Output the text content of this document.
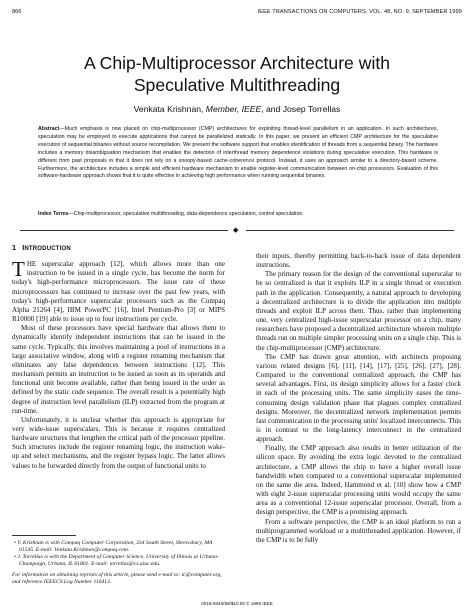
866	IEEE TRANSACTIONS ON COMPUTERS, VOL. 48, NO. 9, SEPTEMBER 1999
A Chip-Multiprocessor Architecture with
Speculative Multithreading
Venkata Krishnan, Member, IEEE, and Josep Torrellas
Abstract—Much emphasis is now placed on chip-multiprocessor (CMP) architectures for exploiting thread-level parallelism in an application. In such architectures, speculation may be employed to execute applications that cannot be parallelized statically. In this paper, we present an efficient CMP architecture for the speculative execution of sequential binaries without source recompilation. We present the software support that enables identification of threads from a sequential binary. The hardware includes a memory disambiguation mechanism that enables the detection of interthread memory dependence violations during speculative execution. This hardware is different from past proposals in that it does not rely on a snoopy-based cache-coherence protocol. Instead, it uses an approach similar to a directory-based scheme. Furthermore, the architecture includes a simple and efficient hardware mechanism to enable register-level communication between on-chip processors. Evaluation of this software-hardware approach shows that it is quite effective in achieving high performance when running sequential binaries.
Index Terms—Chip-multiprocessor, speculative multithreading, data-dependence speculation, control speculation.
◆
1 INTRODUCTION

THE superscalar approach [12], which allows more than one instruction to be issued in a single cycle, has become the norm for today's high-performance microprocessors. The issue rate of these microprocessors has continued to increase over the past few years, with today's high-performance superscalar processors such as the Compaq Alpha 21264 [4], IBM PowerPC [16], Intel Pentium-Pro [3] or MIPS R10000 [19] able to issue up to four instructions per cycle.

Most of these processors have special hardware that allows them to dynamically identify independent instructions that can be issued in the same cycle. Typically, this involves maintaining a pool of instructions in a large associative window, along with a register renaming mechanism that eliminates any false dependences between instructions [12]. This mechanism permits an instruction to be issued as soon as its operands and functional unit become available, rather than being issued in the order as defined by the static code sequence. The overall result is a potentially high degree of instruction level parallelism (ILP) extracted from the program at run-time.

Unfortunately, it is unclear whether this approach is appropriate for very wide-issue superscalars. This is because it requires centralized hardware structures that lengthen the critical path of the processor pipeline. Such structures include the register renaming logic, the instruction wake-up and select mechanisms, and the register bypass logic. The latter allows values to be forwarded directly from the output of functional units to

• V. Krishnan is with Compaq Computer Corporation, 334 South Street, Shrewsbury, MA 01545. E-mail: Venkata.Krishnan@compaq.com.

• J. Torrellas is with the Department of Computer Science, University of Illinois at Urbana-Champaign, Urbana, IL 61801. E-mail: torrellas@cs.uiuc.edu.

For information on obtaining reprints of this article, please send e-mail to: tc@computer.org, and reference IEEECS Log Number 110413.

their inputs, thereby permitting back-to-back issue of data dependent instructions.

The primary reason for the design of the conventional superscalar to be so centralized is that it exploits ILP in a single thread or execution path in the application. Consequently, a natural approach to developing a decentralized architecture is to divide the application into multiple threads and exploit ILP across them. Thus, rather than implementing one, very centralized high-issue superscalar processor on a chip, many researchers have proposed a decentralized architecture wherein multiple threads run on multiple simpler processing units on a single chip. This is the chip-multiprocessor (CMP) architecture.

The CMP has drawn great attention, with architects proposing various related designs [6], [11], [14], [17], [25], [26], [27], [28]. Compared to the conventional centralized approach, the CMP has several advantages. First, its design simplicity allows for a faster clock in each of the processing units. The same simplicity eases the time-consuming design validation phase that plagues complex centralized designs. Moreover, the decentralized network implementation permits fast communication in the processing units' localized interconnects. This is in contrast to the long-latency interconnect in the centralized approach.

Finally, the CMP approach also results in better utilization of the silicon space. By avoiding the extra logic devoted to the centralized architecture, a CMP allows the chip to have a higher overall issue bandwidth when compared to a conventional superscalar implemented on the same die area. Indeed, Hammond et al. [10] show how a CMP with eight 2-issue superscalar processing units would occupy the same area as a conventional 12-issue superscalar processor. Overall, from a design perspective, the CMP is a promising approach.

From a software perspective, the CMP is an ideal platform to run a multiprogrammed workload or a multithreaded application. However, if the CMP is to be fully

0018-9340/99/$10.00 © 1999 IEEE
